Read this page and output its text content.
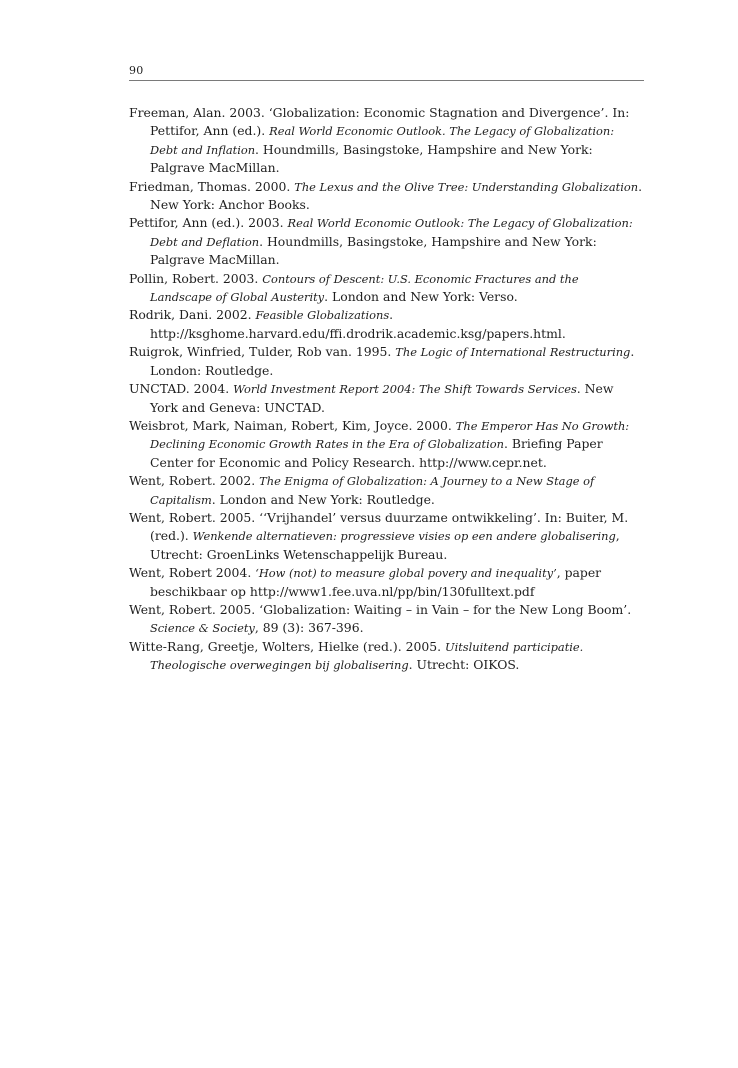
90

Freeman, Alan. 2003. ‘Globalization: Economic Stagnation and Divergence’. In: Pettifor, Ann (ed.). Real World Economic Outlook. The Legacy of Globalization: Debt and Inflation. Houndmills, Basingstoke, Hampshire and New York: Palgrave MacMillan.

Friedman, Thomas. 2000. The Lexus and the Olive Tree: Understanding Globalization. New York: Anchor Books.

Pettifor, Ann (ed.). 2003. Real World Economic Outlook: The Legacy of Globalization: Debt and Deflation. Houndmills, Basingstoke, Hampshire and New York: Palgrave MacMillan.

Pollin, Robert. 2003. Contours of Descent: U.S. Economic Fractures and the Landscape of Global Austerity. London and New York: Verso.

Rodrik, Dani. 2002. Feasible Globalizations. http://ksghome.harvard.edu/ffi.drodrik.academic.ksg/papers.html.

Ruigrok, Winfried, Tulder, Rob van. 1995. The Logic of International Restructuring. London: Routledge.

UNCTAD. 2004. World Investment Report 2004: The Shift Towards Services. New York and Geneva: UNCTAD.

Weisbrot, Mark, Naiman, Robert, Kim, Joyce. 2000. The Emperor Has No Growth: Declining Economic Growth Rates in the Era of Globalization. Briefing Paper Center for Economic and Policy Research. http://www.cepr.net.

Went, Robert. 2002. The Enigma of Globalization: A Journey to a New Stage of Capitalism. London and New York: Routledge.

Went, Robert. 2005. ‘‘Vrijhandel’ versus duurzame ontwikkeling’. In: Buiter, M. (red.). Wenkende alternatieven: progressieve visies op een andere globalisering, Utrecht: GroenLinks Wetenschappelijk Bureau.

Went, Robert 2004. ‘How (not) to measure global povery and inequality’, paper beschikbaar op http://www1.fee.uva.nl/pp/bin/130fulltext.pdf

Went, Robert. 2005. ‘Globalization: Waiting – in Vain – for the New Long Boom’. Science & Society, 89 (3): 367-396.

Witte-Rang, Greetje, Wolters, Hielke (red.). 2005. Uitsluitend participatie. Theologische overwegingen bij globalisering. Utrecht: OIKOS.
